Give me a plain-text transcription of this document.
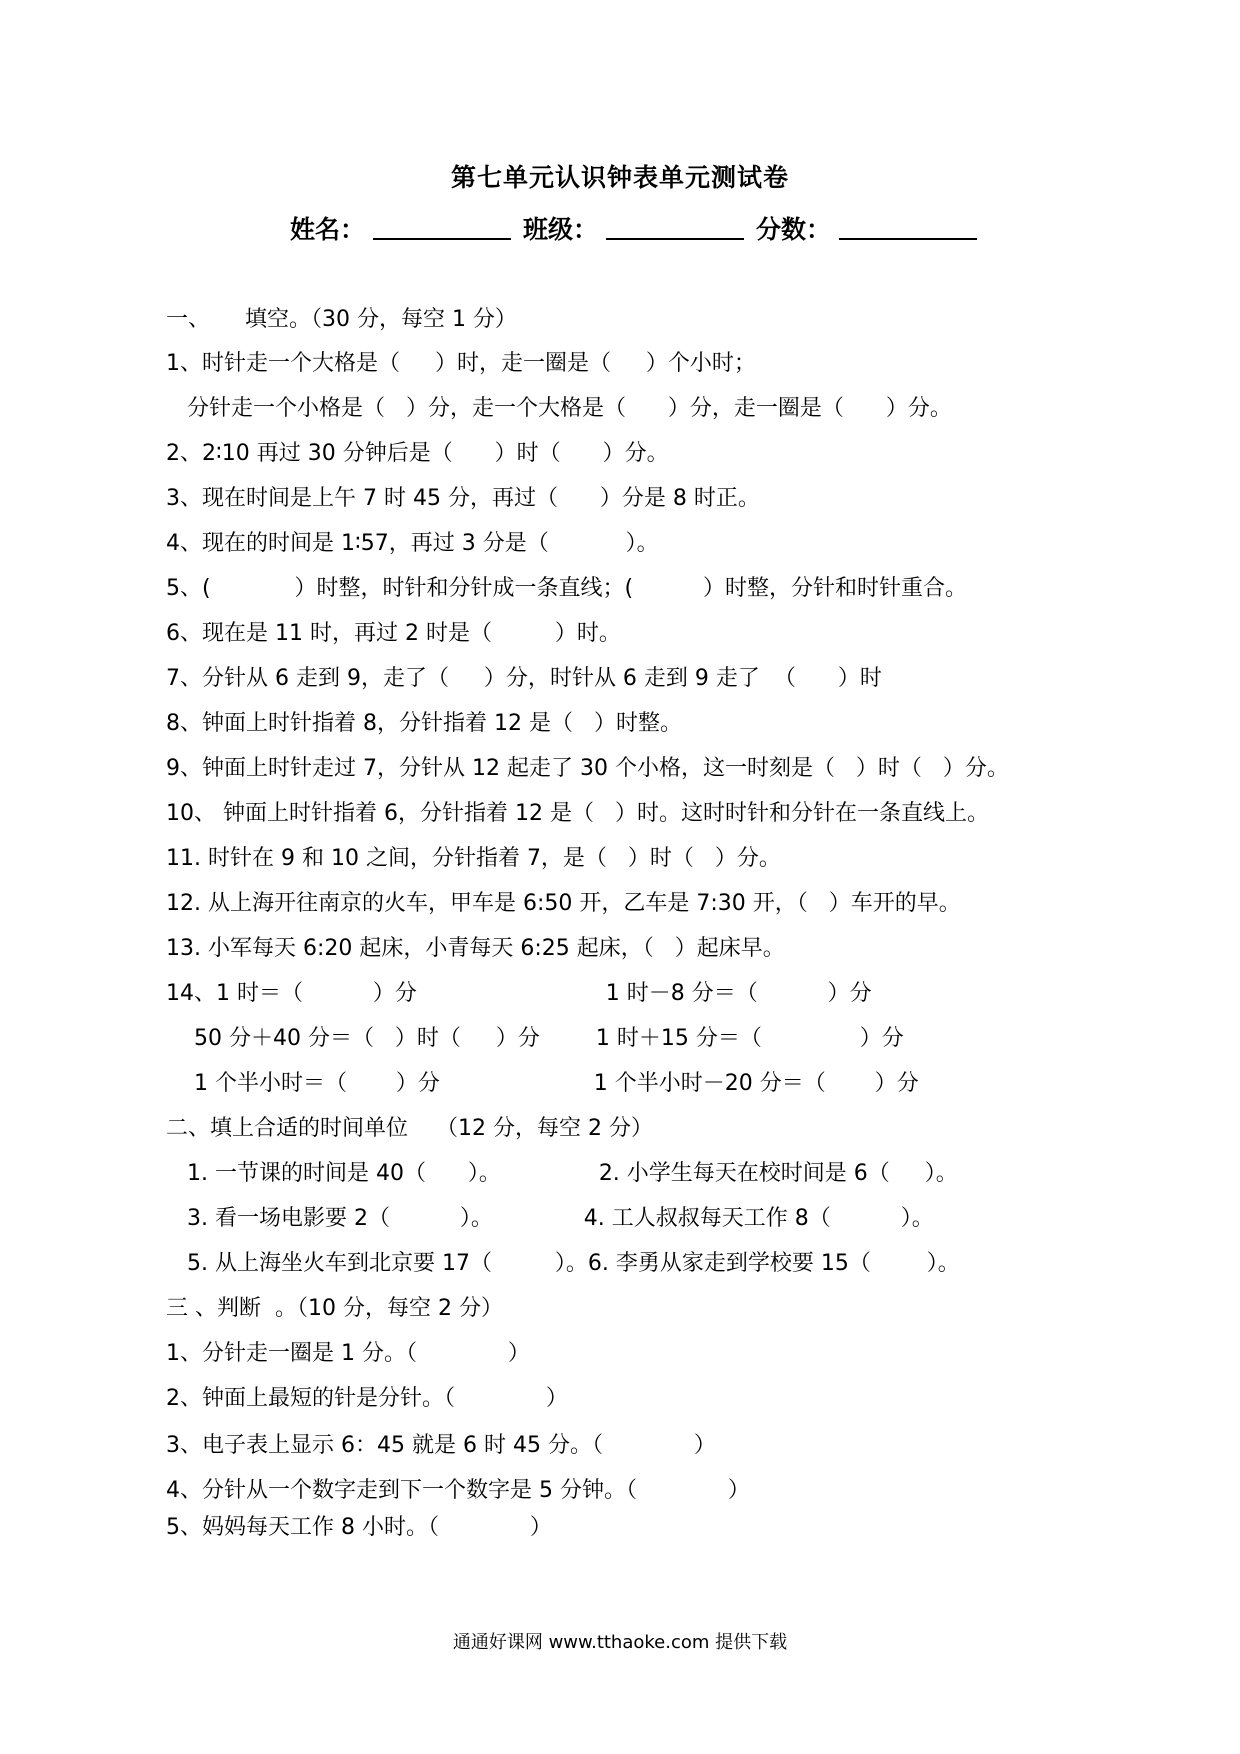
第七单元认识钟表单元测试卷
姓名：	班级：	分数：
一、     填空。（30 分，每空 1 分）
1、时针走一个大格是（     ）时，走一圈是（     ）个小时；
分针走一个小格是（   ）分，走一个大格是（      ）分，走一圈是（      ）分。
2、2∶10 再过 30 分钟后是（      ）时（      ）分。
3、现在时间是上午 7 时 45 分，再过（      ）分是 8 时正。
4、现在的时间是 1∶57，再过 3 分是（           ）。
5、(            ）时整，时针和分针成一条直线；(          ）时整，分针和时针重合。
6、现在是 11 时，再过 2 时是（         ）时。
7、分针从 6 走到 9，走了（     ）分，时针从 6 走到 9 走了  （      ）时
8、钟面上时针指着 8，分针指着 12 是（   ）时整。
9、钟面上时针走过 7，分针从 12 起走了 30 个小格，这一时刻是（   ）时（   ）分。
10、 钟面上时针指着 6，分针指着 12 是（   ）时。这时时针和分针在一条直线上。
11. 时针在 9 和 10 之间，分针指着 7，是（   ）时（   ）分。
12. 从上海开往南京的火车，甲车是 6:50 开，乙车是 7:30 开，（   ）车开的早。
13. 小军每天 6:20 起床，小青每天 6:25 起床，（   ）起床早。
14、1 时＝（          ）分                           1 时－8 分＝（          ）分
50 分＋40 分＝（   ）时（     ）分        1 时＋15 分＝（              ）分
1 个半小时＝（       ）分                      1 个半小时－20 分＝（       ）分
二、填上合适的时间单位    （12 分，每空 2 分）
1. 一节课的时间是 40（      ）。              2. 小学生每天在校时间是 6（     ）。
3. 看一场电影要 2（          ）。             4. 工人叔叔每天工作 8（          ）。
5. 从上海坐火车到北京要 17（         ）。6. 李勇从家走到学校要 15（        ）。
三 、判断  。（10 分，每空 2 分）
1、分针走一圈是 1 分。（             ）
2、钟面上最短的针是分针。（             ）
3、电子表上显示 6：45 就是 6 时 45 分。（             ）
4、分针从一个数字走到下一个数字是 5 分钟。（             ）
5、妈妈每天工作 8 小时。（             ）
通通好课网 www.tthaoke.com 提供下载
